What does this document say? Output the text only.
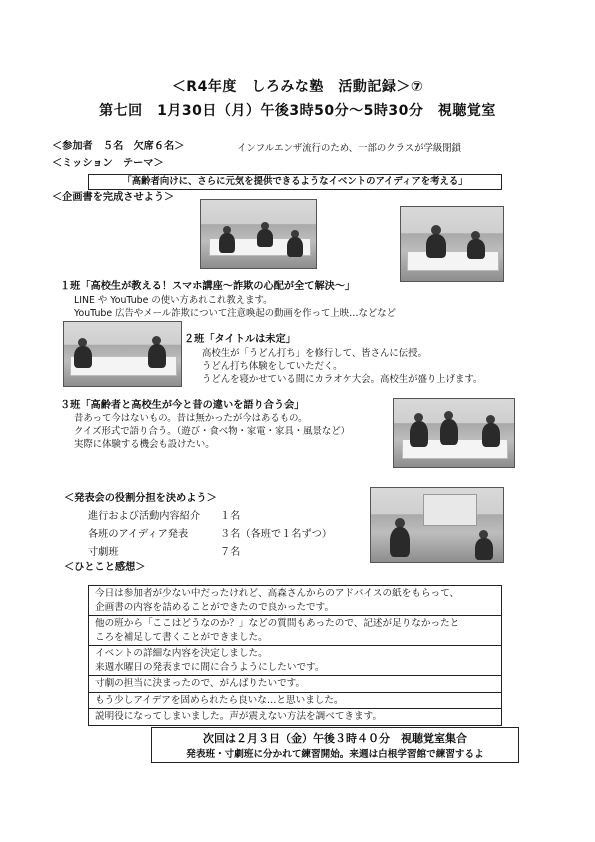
＜R4年度　しろみな塾　活動記録＞⑦
第七回　1月30日（月）午後3時50分〜5時30分　視聴覚室
＜参加者　５名　欠席６名＞	インフルエンザ流行のため、一部のクラスが学級閉鎖
＜ミッション　テーマ＞
「高齢者向けに、さらに元気を提供できるようなイベントのアイディアを考える」
＜企画書を完成させよう＞
１班「高校生が教える！スマホ講座〜詐欺の心配が全て解決〜」
LINE や YouTube の使い方あれこれ教えます。
YouTube 広告やメール詐欺について注意喚起の動画を作って上映…などなど
２班「タイトルは未定」
高校生が「うどん打ち」を修行して、皆さんに伝授。
うどん打ち体験をしていただく。
うどんを寝かせている間にカラオケ大会。高校生が盛り上げます。
３班「高齢者と高校生が今と昔の違いを語り合う会」
昔あって今はないもの。昔は無かったが今はあるもの。
クイズ形式で語り合う。（遊び・食べ物・家電・家具・風景など）
実際に体験する機会も設けたい。
＜発表会の役割分担を決めよう＞
進行および活動内容紹介 １名
各班のアイディア発表	３名（各班で１名ずつ）
寸劇班	７名
＜ひとこと感想＞
今日は参加者が少ない中だったけれど、高森さんからのアドバイスの紙をもらって、
企画書の内容を詰めることができたので良かったです。
他の班から「ここはどうなのか？」などの質問もあったので、記述が足りなかったと
ころを補足して書くことができました。
イベントの詳細な内容を決定しました。
来週水曜日の発表までに間に合うようにしたいです。
寸劇の担当に決まったので、がんばりたいです。
もう少しアイデアを固められたら良いな…と思いました。
説明役になってしまいました。声が震えない方法を調べてきます。
次回は２月３日（金）午後３時４０分　視聴覚室集合
発表班・寸劇班に分かれて練習開始。来週は白根学習館で練習するよ
